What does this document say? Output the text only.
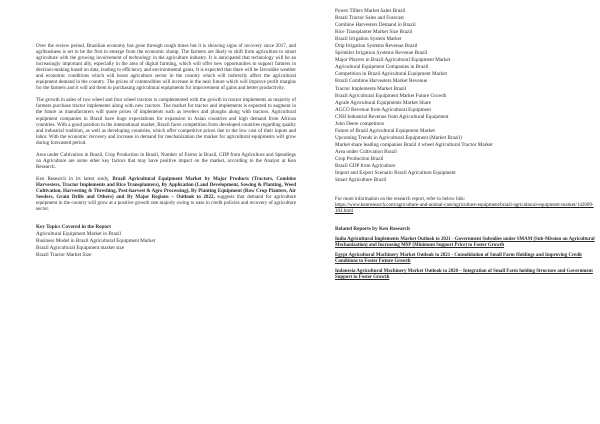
Over the review period, Brazilian economy has gone through rough times but it is showing signs of recovery since 2017, and agribusiness is set to be the first to emerge from the economic slump. The farmers are likely to shift from agriculture to smart agriculture with the growing involvement of technology in the agriculture industry. It is anticipated that technology will be an increasingly important ally, especially in the area of digital farming, which will offer new opportunities to support farmers in decision-making based on data, leading to efficiency and environmental gains. It is expected that there will be favorable weather and economic conditions which will boost agriculture sector in the country which will indirectly affect the agricultural equipment demand in the country. The prices of commodities will increase in the near future which will improve profit margins for the farmers and it will aid them in purchasing agricultural equipments for improvement of gains and better productivity.

The growth in sales of two wheel and four wheel tractors is complemented with the growth in tractor implements as majority of farmers purchase tractor implements along with new tractors. The market for tractor and implements is expected to augment in the future as manufacturers will quote prices of implements such as levelers and ploughs along with tractors. Agricultural equipment companies in Brazil have huge expectations for expansion in Asian countries and high demand from African countries. With a good position in the international market, Brazil faces competition from developed countries regarding quality and industrial tradition, as well as developing countries, which offer competitive prices due to the low cost of their inputs and labor. With the economic recovery and increase in demand for mechanization the market for agricultural equipments will grow during forecasted period.

Area under Cultivation in Brazil, Crop Production in Brazil, Number of Farms in Brazil, GDP from Agriculture and Spendings on Agriculture are some other key factors that may have positive impact on the market, according to the Analyst at Ken Research.

Ken Research in its latest study, Brazil Agricultural Equipment Market by Major Products (Tractors, Combine Harvesters, Tractor Implements and Rice Transplanters), By Application (Land Development, Sowing & Planting, Weed Cultivation, Harvesting & Threshing, Post-harvest & Agro Processing), By Planting Equipment (Row Crop Planters, Air Seeders, Grain Drills and Others) and By Major Regions – Outlook to 2022, suggests that demand for agriculture equipment in the country will grow at a positive growth rate majorly owing to ease in credit policies and recovery of agriculture sector.

Key Topics Covered in the Report
Agricultural Equipment Market in Brazil
Business Model in Brazil Agricultural Equipment Market
Brazil Agricultural Equipment market size
Brazil Tractor Market Size
Power Tillers Market Sales Brazil
Brazil Tractor Sales and Forecast
Combine Harvesters Demand in Brazil
Rice Transplanter Market Size Brazil
Brazil Irrigation System Market
Drip Irrigation Systems Revenue Brazil
Sprinkler Irrigation Systems Revenue Brazil
Major Players in Brazil Agricultural Equipment Market
Agricultural Equipment Companies in Brazil
Competition in Brazil Agricultural Equipment Market
Brazil Combine Harvesters Market Revenue
Tractor Implements Market Brazil
Brazil Agricultural Equipment Market Future Growth
Agrale Agricultural Equipments Market Share
AGCO Revenue from Agricultural Equipment
CNH Industrial Revenue from Agricultural Equipment
John Deere competitors
Future of Brazil Agricultural Equipment Market
Upcoming Trends in Agricultural Equipment (Market Brazil)
Market share leading companies Brazil 4 wheel Agricultural Tractor Market
Area under Cultivation Brazil
Crop Production Brazil
Brazil GDP from Agriculture
Import and Export Scenario Brazil Agriculture Equipment
Smart Agriculture Brazil

For more information on the research report, refer to below link:

https://www.kenresearch.com/agriculture-and-animal-care/agriculture-equipment/brazil-agricultural-equipment-market/142609-104.html

Related Reports by Ken Research
India Agricultural Implements Market Outlook to 2021 - Government Subsidies under SMAM (Sub-Mission on Agricultural Mechanization) and Increasing MSP (Minimum Support Price) to Foster Growth
Egypt Agricultural Machinery Market Outlook to 2021 - Consolidation of Small Farm Holdings and Improving Credit Conditions to Foster Future Growth
Indonesia Agricultural Machinery Market Outlook to 2020 – Integration of Small Farm holding Structure and Government Support to Foster Growth
